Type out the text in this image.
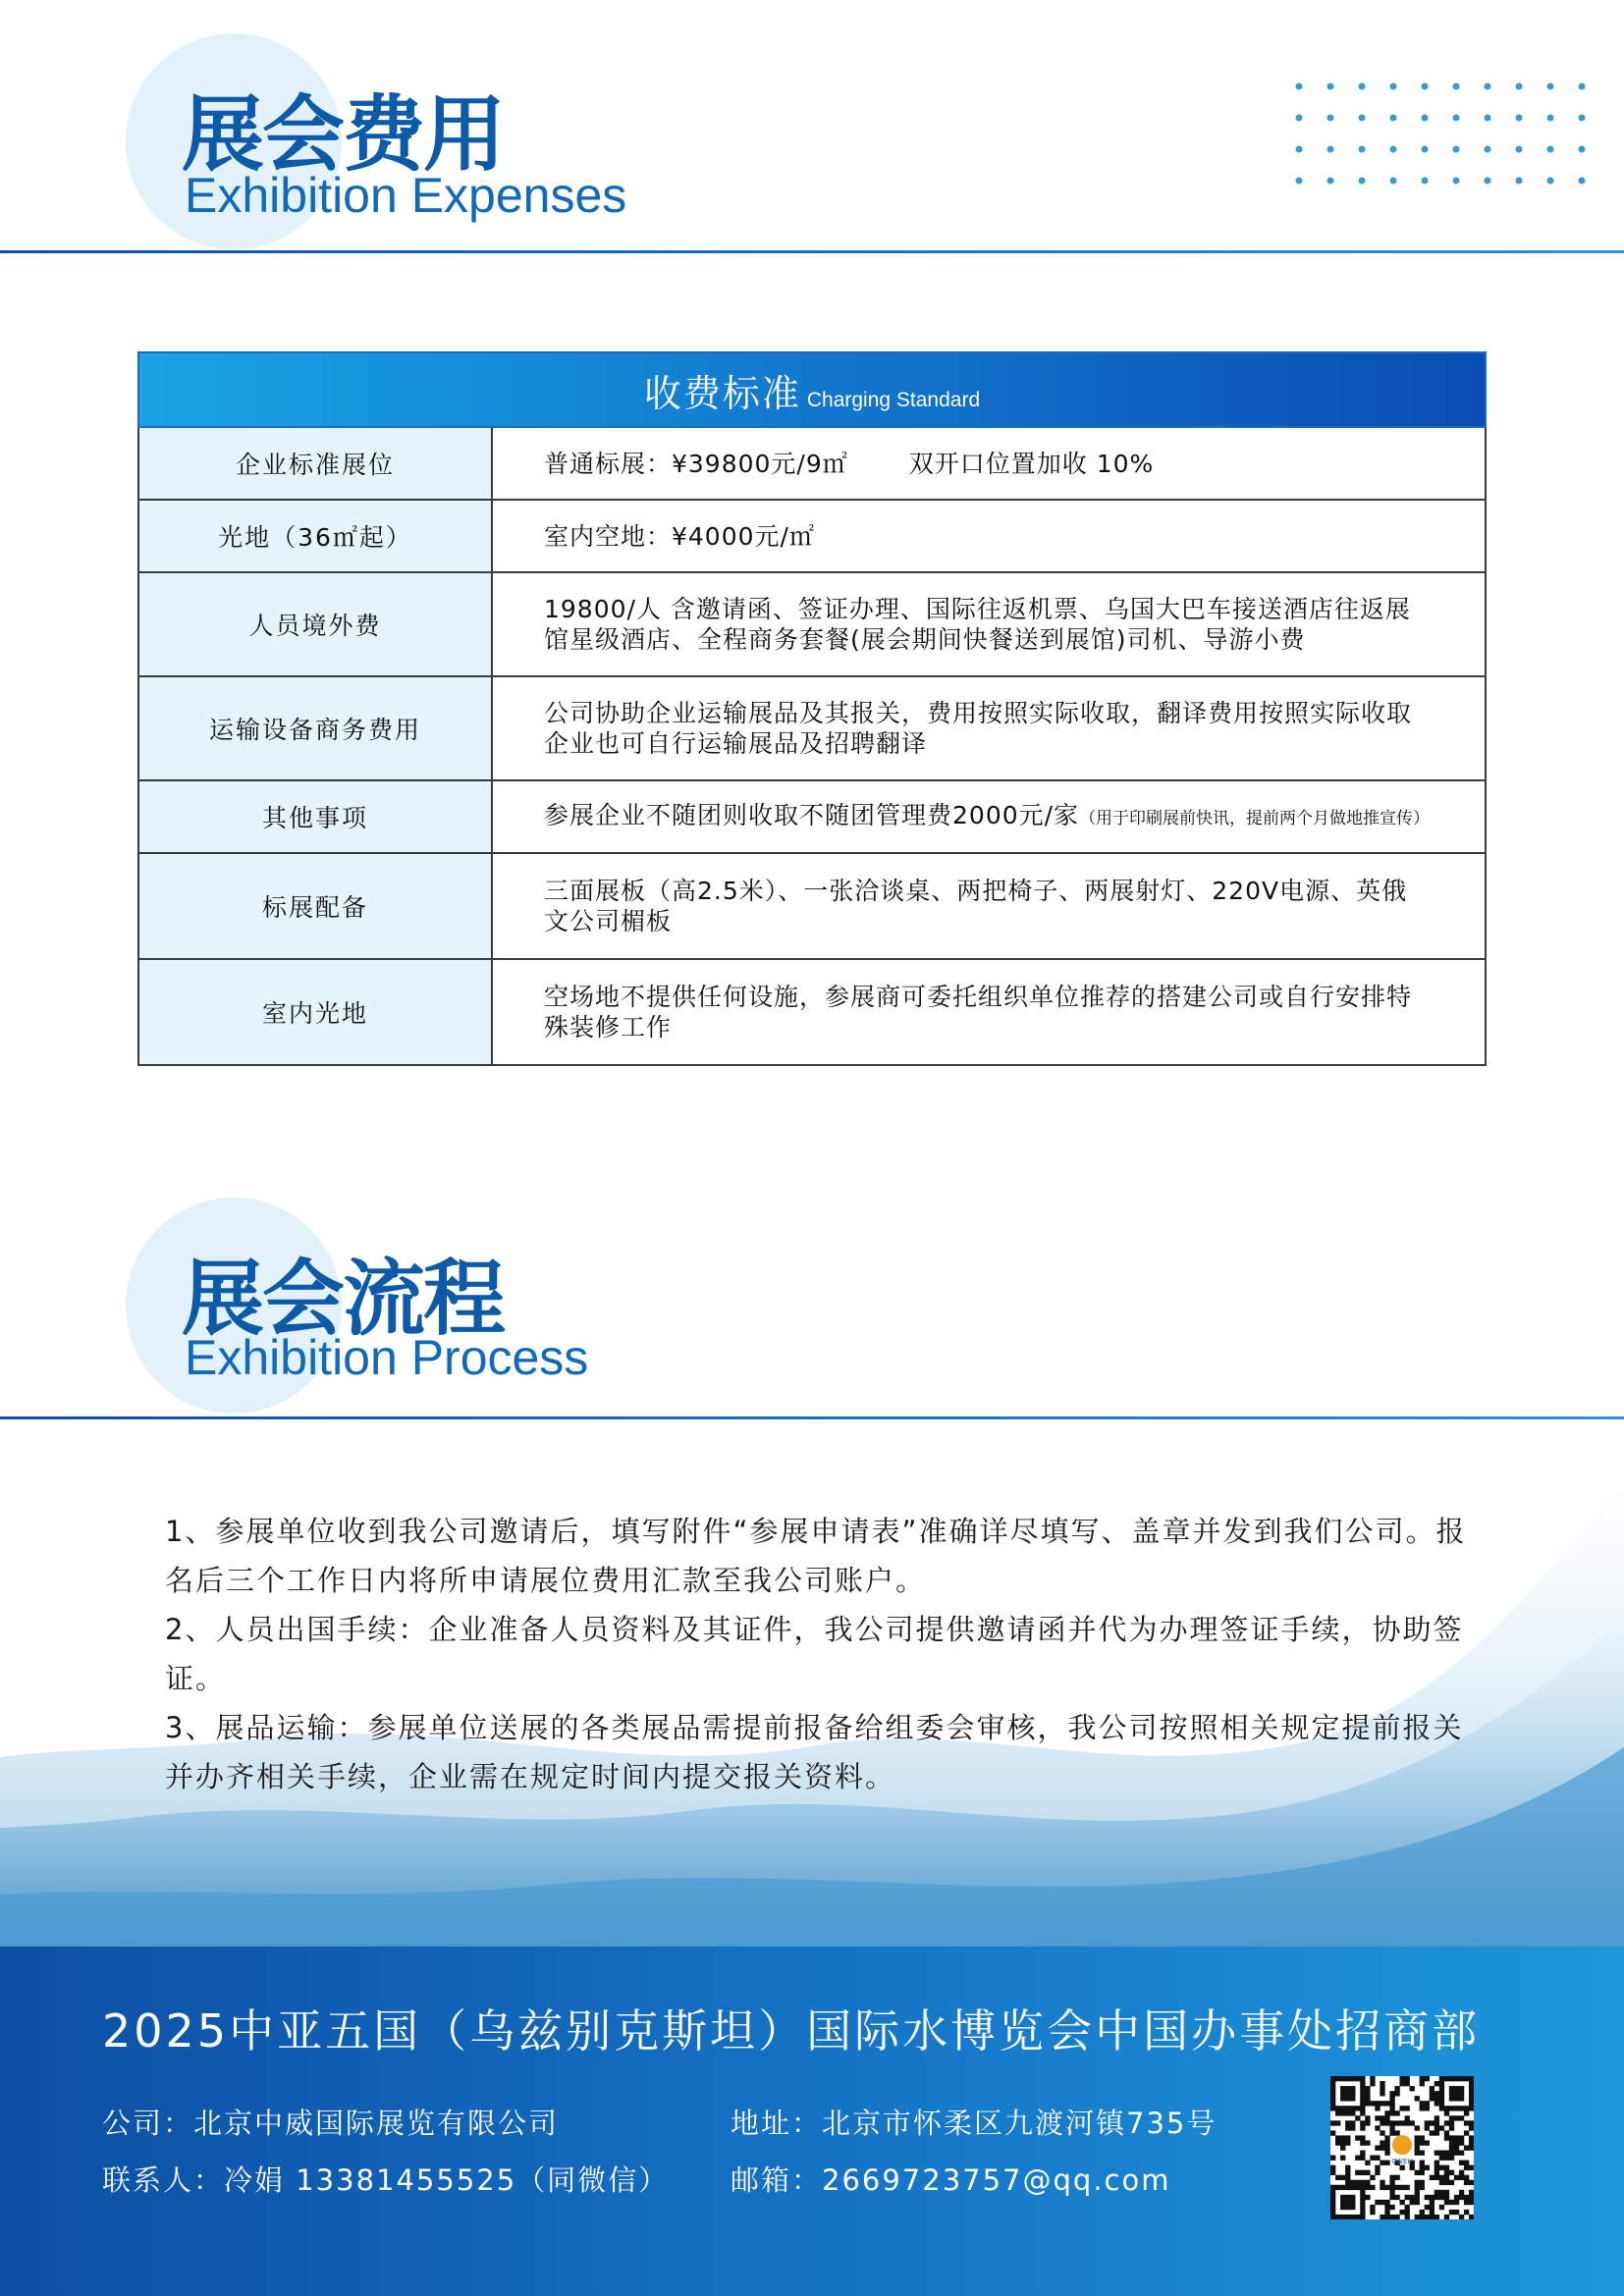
展会费用
Exhibition Expenses
收费标准 Charging Standard	
企业标准展位	普通标展：¥39800元/9㎡ 双开口位置加收 10%
光地（36㎡起）	室内空地：¥4000元/㎡
人员境外费	19800/人 含邀请函、签证办理、国际往返机票、乌国大巴车接送酒店往返展
馆星级酒店、全程商务套餐(展会期间快餐送到展馆)司机、导游小费

运输设备商务费用	公司协助企业运输展品及其报关，费用按照实际收取，翻译费用按照实际收取
企业也可自行运输展品及招聘翻译

其他事项	参展企业不随团则收取不随团管理费2000元/家（用于印刷展前快讯，提前两个月做地推宣传）
标展配备	三面展板（高2.5米）、一张洽谈桌、两把椅子、两展射灯、220V电源、英俄
文公司楣板

室内光地	空场地不提供任何设施，参展商可委托组织单位推荐的搭建公司或自行安排特
殊装修工作
展会流程
Exhibition Process

1、参展单位收到我公司邀请后，填写附件“参展申请表”准确详尽填写、盖章并发到我们公司。报名后三个工作日内将所申请展位费用汇款至我公司账户。

2、人员出国手续：企业准备人员资料及其证件，我公司提供邀请函并代为办理签证手续，协助签证。

3、展品运输：参展单位送展的各类展品需提前报备给组委会审核，我公司按照相关规定提前报关并办齐相关手续，企业需在规定时间内提交报关资料。

2025中亚五国（乌兹别克斯坦）国际水博览会中国办事处招商部
公司：北京中威国际展览有限公司	地址：北京市怀柔区九渡河镇735号
联系人：冷娟 13381455525（同微信） 邮箱：2669723757@qq.com
CWEH
